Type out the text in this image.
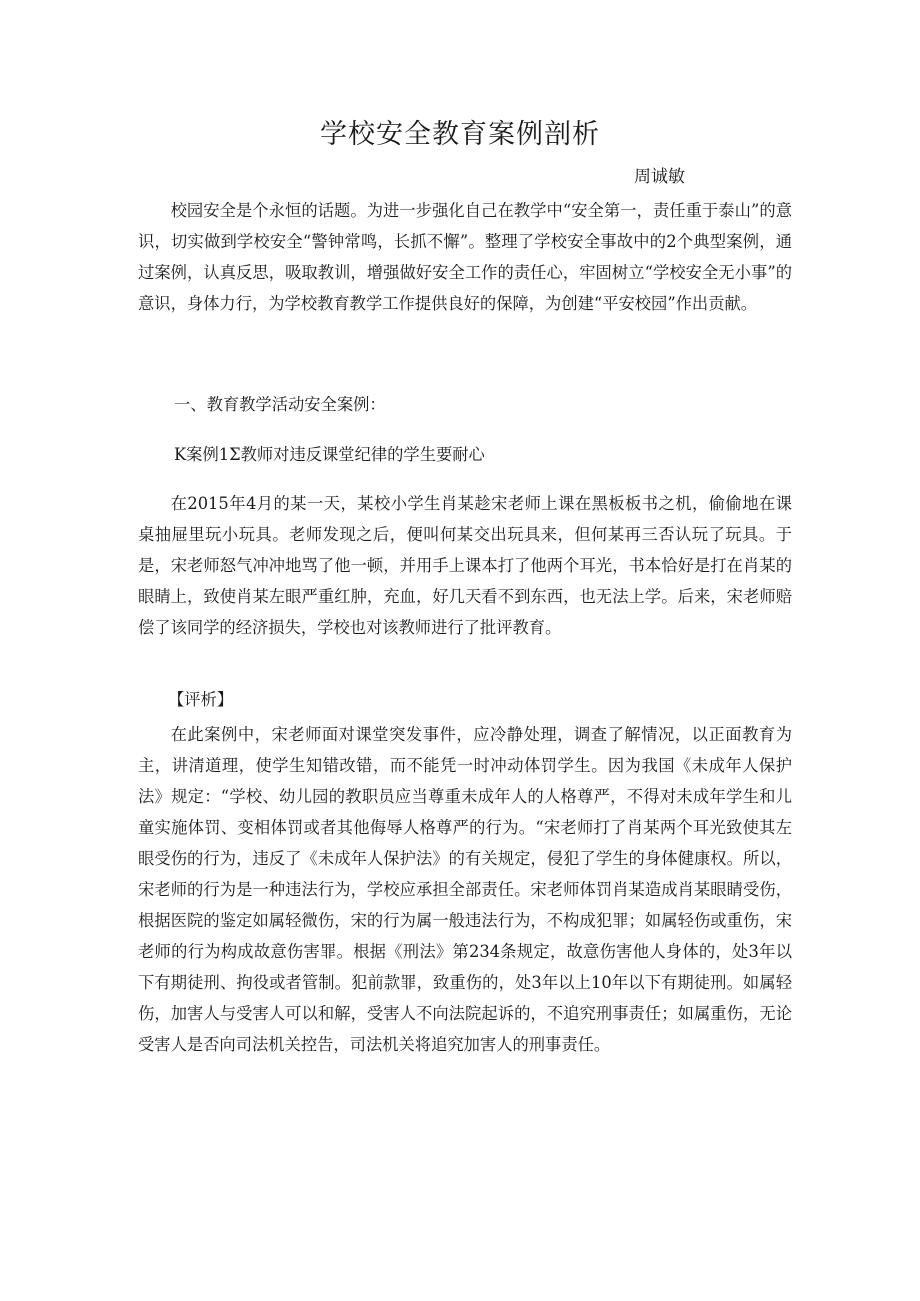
学校安全教育案例剖析
周诚敏
校园安全是个永恒的话题。为进一步强化自己在教学中“安全第一，责任重于泰山”的意识，切实做到学校安全“警钟常鸣，长抓不懈”。整理了学校安全事故中的2个典型案例，通过案例，认真反思，吸取教训，增强做好安全工作的责任心，牢固树立“学校安全无小事”的意识，身体力行，为学校教育教学工作提供良好的保障，为创建“平安校园”作出贡献。
一、教育教学活动安全案例：
K案例1Σ教师对违反课堂纪律的学生要耐心
在2015年4月的某一天，某校小学生肖某趁宋老师上课在黑板板书之机，偷偷地在课桌抽屉里玩小玩具。老师发现之后，便叫何某交出玩具来，但何某再三否认玩了玩具。于是，宋老师怒气冲冲地骂了他一顿，并用手上课本打了他两个耳光，书本恰好是打在肖某的眼睛上，致使肖某左眼严重红肿，充血，好几天看不到东西，也无法上学。后来，宋老师赔偿了该同学的经济损失，学校也对该教师进行了批评教育。
【评析】
在此案例中，宋老师面对课堂突发事件，应冷静处理，调查了解情况，以正面教育为主，讲清道理，使学生知错改错，而不能凭一时冲动体罚学生。因为我国《未成年人保护法》规定：“学校、幼儿园的教职员应当尊重未成年人的人格尊严，不得对未成年学生和儿童实施体罚、变相体罚或者其他侮辱人格尊严的行为。“宋老师打了肖某两个耳光致使其左眼受伤的行为，违反了《未成年人保护法》的有关规定，侵犯了学生的身体健康权。所以，宋老师的行为是一种违法行为，学校应承担全部责任。宋老师体罚肖某造成肖某眼睛受伤，根据医院的鉴定如属轻微伤，宋的行为属一般违法行为，不构成犯罪；如属轻伤或重伤，宋老师的行为构成故意伤害罪。根据《刑法》第234条规定，故意伤害他人身体的，处3年以下有期徒刑、拘役或者管制。犯前款罪，致重伤的，处3年以上10年以下有期徒刑。如属轻伤，加害人与受害人可以和解，受害人不向法院起诉的，不追究刑事责任；如属重伤，无论受害人是否向司法机关控告，司法机关将追究加害人的刑事责任。
